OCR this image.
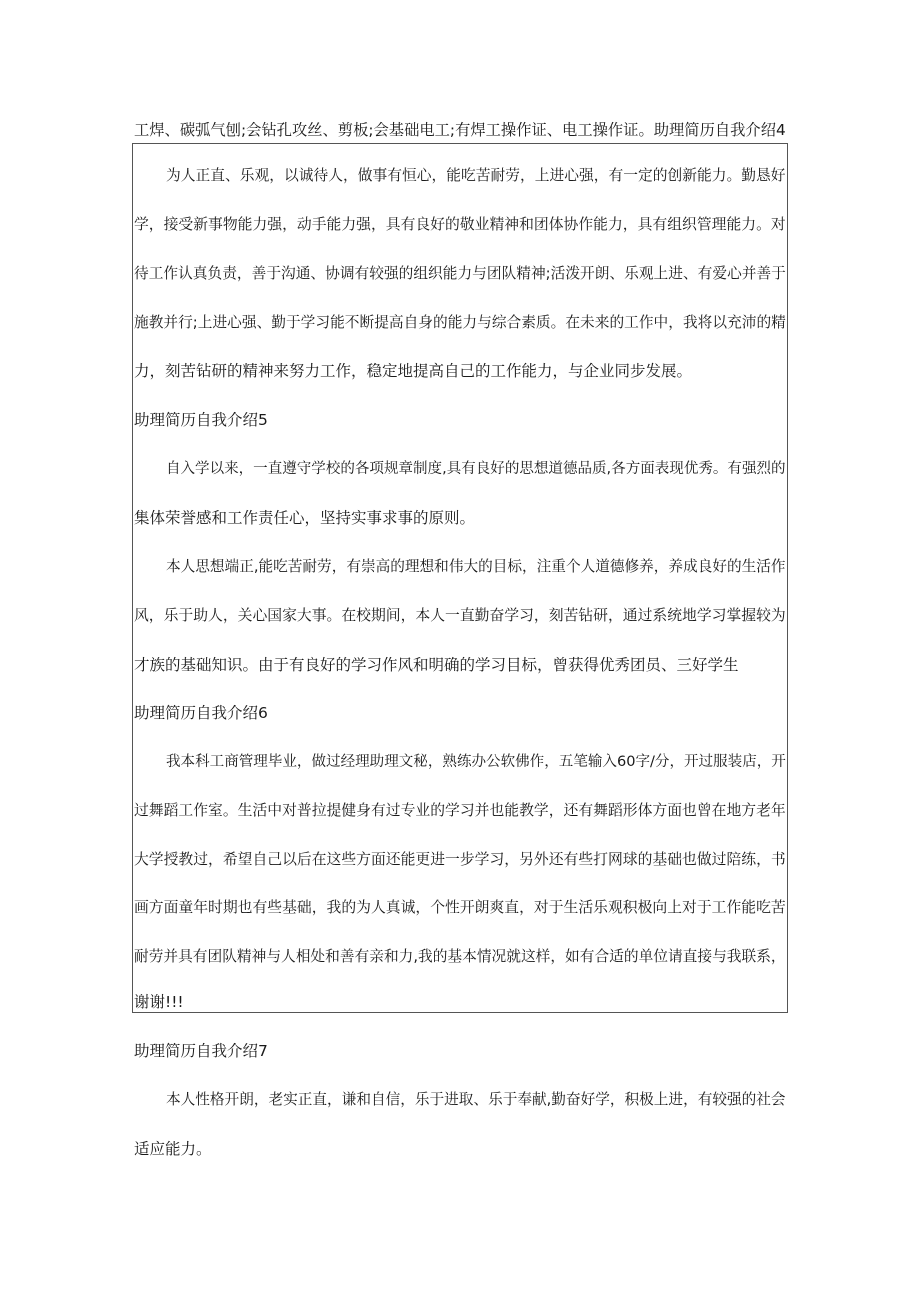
工焊、碳弧气刨;会钻孔攻丝、剪板;会基础电工;有焊工操作证、电工操作证。助理简历自我介绍4
为人正直、乐观，以诚待人，做事有恒心，能吃苦耐劳，上进心强，有一定的创新能力。勤恳好
学，接受新事物能力强，动手能力强，具有良好的敬业精神和团体协作能力，具有组织管理能力。对
待工作认真负责，善于沟通、协调有较强的组织能力与团队精神;活泼开朗、乐观上进、有爱心并善于
施教并行;上进心强、勤于学习能不断提高自身的能力与综合素质。在未来的工作中，我将以充沛的精
力，刻苦钻研的精神来努力工作，稳定地提高自己的工作能力，与企业同步发展。
助理简历自我介绍5
自入学以来，一直遵守学校的各项规章制度,具有良好的思想道德品质,各方面表现优秀。有强烈的
集体荣誉感和工作责任心，坚持实事求事的原则。
本人思想端正,能吃苦耐劳，有崇高的理想和伟大的目标，注重个人道德修养，养成良好的生活作
风，乐于助人，关心国家大事。在校期间，本人一直勤奋学习，刻苦钻研，通过系统地学习掌握较为
才族的基础知识。由于有良好的学习作风和明确的学习目标，曾获得优秀团员、三好学生
助理简历自我介绍6
我本科工商管理毕业，做过经理助理文秘，熟练办公软佛作，五笔输入60字/分，开过服装店，开
过舞蹈工作室。生活中对普拉提健身有过专业的学习并也能教学，还有舞蹈形体方面也曾在地方老年
大学授教过，希望自己以后在这些方面还能更进一步学习，另外还有些打网球的基础也做过陪练，书
画方面童年时期也有些基础，我的为人真诚，个性开朗爽直，对于生活乐观积极向上对于工作能吃苦
耐劳并具有团队精神与人相处和善有亲和力,我的基本情况就这样，如有合适的单位请直接与我联系，
谢谢!!!
助理简历自我介绍7
本人性格开朗，老实正直，谦和自信，乐于进取、乐于奉献,勤奋好学，积极上进，有较强的社会
适应能力。
